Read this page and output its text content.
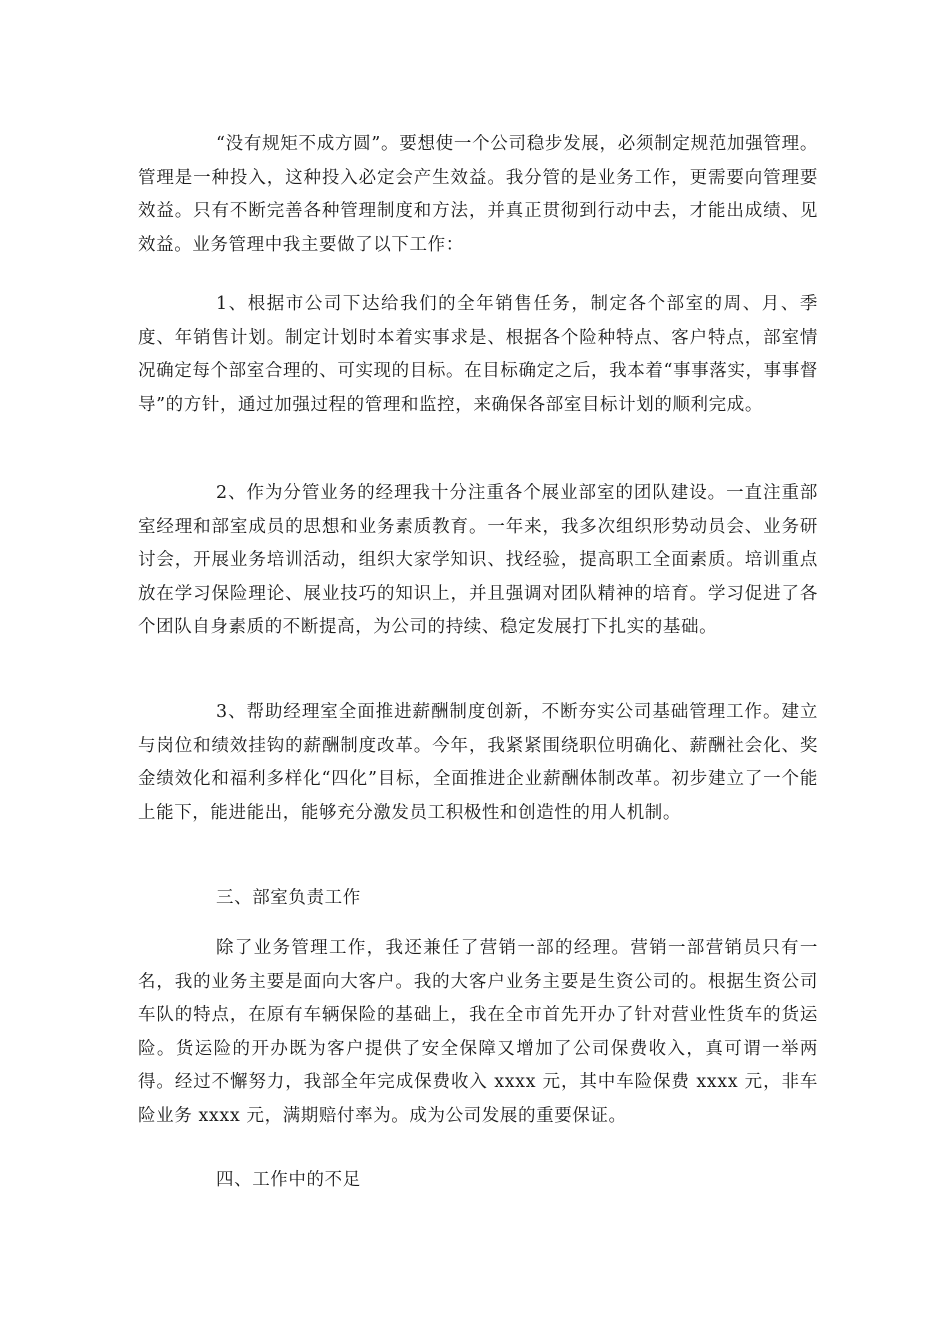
“没有规矩不成方圆”。要想使一个公司稳步发展，必须制定规范加强管理。管理是一种投入，这种投入必定会产生效益。我分管的是业务工作，更需要向管理要效益。只有不断完善各种管理制度和方法，并真正贯彻到行动中去，才能出成绩、见效益。业务管理中我主要做了以下工作：

1、根据市公司下达给我们的全年销售任务，制定各个部室的周、月、季度、年销售计划。制定计划时本着实事求是、根据各个险种特点、客户特点，部室情况确定每个部室合理的、可实现的目标。在目标确定之后，我本着“事事落实，事事督导”的方针，通过加强过程的管理和监控，来确保各部室目标计划的顺利完成。

2、作为分管业务的经理我十分注重各个展业部室的团队建设。一直注重部室经理和部室成员的思想和业务素质教育。一年来，我多次组织形势动员会、业务研讨会，开展业务培训活动，组织大家学知识、找经验，提高职工全面素质。培训重点放在学习保险理论、展业技巧的知识上，并且强调对团队精神的培育。学习促进了各个团队自身素质的不断提高，为公司的持续、稳定发展打下扎实的基础。

3、帮助经理室全面推进薪酬制度创新，不断夯实公司基础管理工作。建立与岗位和绩效挂钩的薪酬制度改革。今年，我紧紧围绕职位明确化、薪酬社会化、奖金绩效化和福利多样化“四化”目标，全面推进企业薪酬体制改革。初步建立了一个能上能下，能进能出，能够充分激发员工积极性和创造性的用人机制。

三、部室负责工作

除了业务管理工作，我还兼任了营销一部的经理。营销一部营销员只有一名，我的业务主要是面向大客户。我的大客户业务主要是生资公司的。根据生资公司车队的特点，在原有车辆保险的基础上，我在全市首先开办了针对营业性货车的货运险。货运险的开办既为客户提供了安全保障又增加了公司保费收入，真可谓一举两得。经过不懈努力，我部全年完成保费收入 xxxx 元，其中车险保费 xxxx 元，非车险业务 xxxx 元，满期赔付率为。成为公司发展的重要保证。

四、工作中的不足
